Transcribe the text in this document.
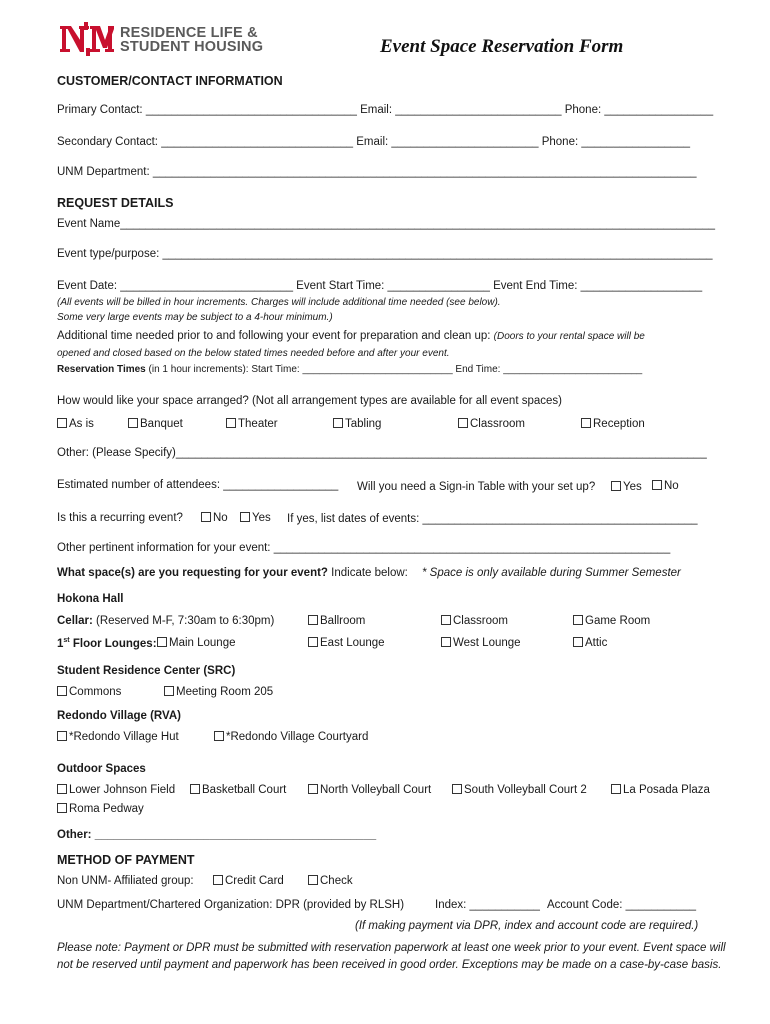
RESIDENCE LIFE &
STUDENT HOUSING	Event Space Reservation Form
CUSTOMER/CONTACT INFORMATION
Primary Contact: _________________________________ Email: __________________________ Phone: _________________
Secondary Contact: ______________________________ Email: _______________________ Phone: _________________
UNM Department: _____________________________________________________________________________________
REQUEST DETAILS
Event Name_____________________________________________________________________________________________
Event type/purpose: ______________________________________________________________________________________
Event Date: ___________________________ Event Start Time: ________________ Event End Time: ___________________
(All events will be billed in hour increments. Charges will include additional time needed (see below).
Some very large events may be subject to a 4-hour minimum.)
Additional time needed prior to and following your event for preparation and clean up: (Doors to your rental space will be
opened and closed based on the below stated times needed before and after your event.
Reservation Times (in 1 hour increments): Start Time: ___________________________ End Time: _________________________
How would like your space arranged? (Not all arrangement types are available for all event spaces)
As is	Banquet	Theater	Tabling	Classroom	Reception
Other: (Please Specify)___________________________________________________________________________________
Estimated number of attendees: __________________ Will you need a Sign-in Table with your set up?	Yes	No
Is this a recurring event?	No	Yes If yes, list dates of events: ___________________________________________
Other pertinent information for your event: ______________________________________________________________
What space(s) are you requesting for your event? Indicate below: * Space is only available during Summer Semester
Hokona Hall
Cellar: (Reserved M-F, 7:30am to 6:30pm)	Ballroom	Classroom	Game Room
1st Floor Lounges:	Main Lounge	East Lounge	West Lounge	Attic
Student Residence Center (SRC)
Commons	Meeting Room 205
Redondo Village (RVA)
*Redondo Village Hut	*Redondo Village Courtyard
Outdoor Spaces
Lower Johnson Field	Basketball Court	North Volleyball Court	South Volleyball Court 2	La Posada Plaza
Roma Pedway
Other: ____________________________________________
METHOD OF PAYMENT
Non UNM- Affiliated group:	Credit Card	Check
UNM Department/Chartered Organization: DPR (provided by RLSH)	Index: ___________ Account Code: ___________
(If making payment via DPR, index and account code are required.)
Please note: Payment or DPR must be submitted with reservation paperwork at least one week prior to your event. Event space will
not be reserved until payment and paperwork has been received in good order. Exceptions may be made on a case-by-case basis.
